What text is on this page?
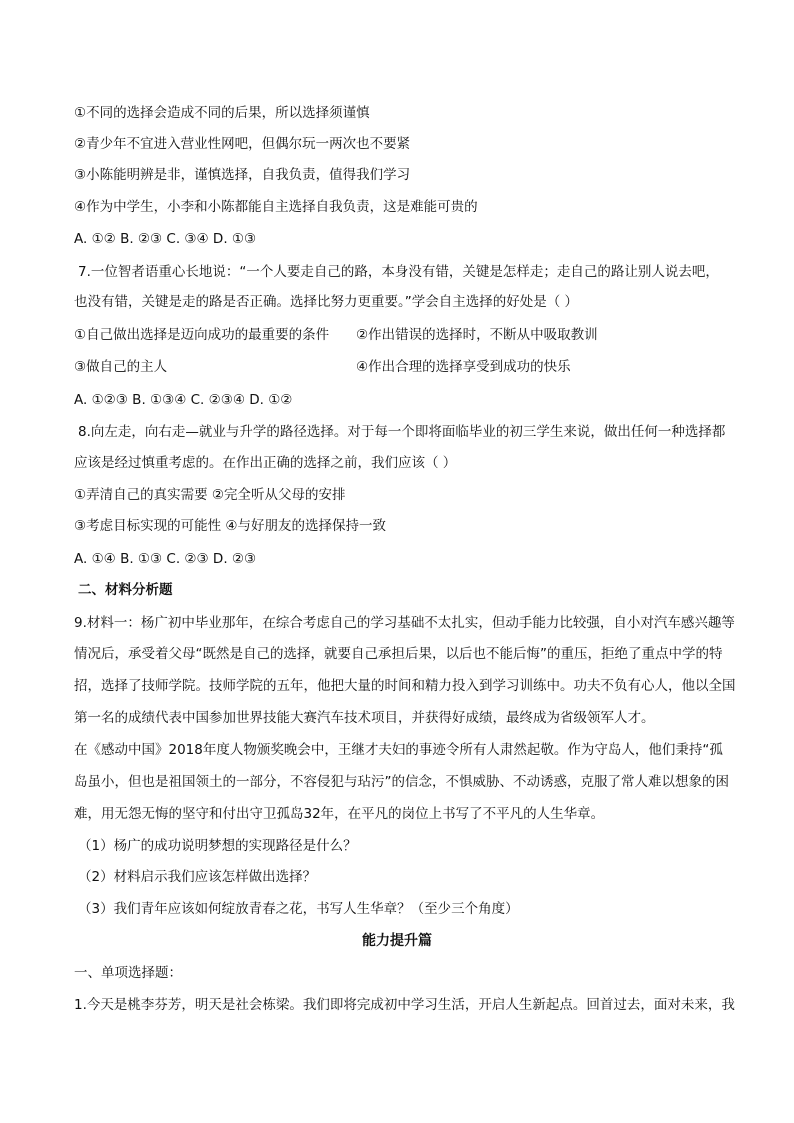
①不同的选择会造成不同的后果，所以选择须谨慎
②青少年不宜进入营业性网吧，但偶尔玩一两次也不要紧
③小陈能明辨是非，谨慎选择，自我负责，值得我们学习
④作为中学生，小李和小陈都能自主选择自我负责，这是难能可贵的
A. ①② B. ②③ C. ③④ D. ①③
7.一位智者语重心长地说：“一个人要走自己的路，本身没有错，关键是怎样走；走自己的路让别人说去吧，
也没有错，关键是走的路是否正确。选择比努力更重要。”学会自主选择的好处是（ ）
①自己做出选择是迈向成功的最重要的条件 ②作出错误的选择时，不断从中吸取教训
③做自己的主人	④作出合理的选择享受到成功的快乐
A. ①②③ B. ①③④ C. ②③④ D. ①②
8.向左走，向右走—就业与升学的路径选择。对于每一个即将面临毕业的初三学生来说，做出任何一种选择都
应该是经过慎重考虑的。在作出正确的选择之前，我们应该（ ）
①弄清自己的真实需要 ②完全听从父母的安排
③考虑目标实现的可能性 ④与好朋友的选择保持一致
A. ①④ B. ①③ C. ②③ D. ②③
二、材料分析题
9.材料一：杨广初中毕业那年，在综合考虑自己的学习基础不太扎实，但动手能力比较强，自小对汽车感兴趣等
情况后，承受着父母“既然是自己的选择，就要自己承担后果，以后也不能后悔”的重压，拒绝了重点中学的特
招，选择了技师学院。技师学院的五年，他把大量的时间和精力投入到学习训练中。功夫不负有心人，他以全国
第一名的成绩代表中国参加世界技能大赛汽车技术项目，并获得好成绩，最终成为省级领军人才。
在《感动中国》2018年度人物颁奖晚会中，王继才夫妇的事迹令所有人肃然起敬。作为守岛人，他们秉持“孤
岛虽小，但也是祖国领土的一部分，不容侵犯与玷污”的信念，不惧威胁、不动诱惑，克服了常人难以想象的困
难，用无怨无悔的坚守和付出守卫孤岛32年，在平凡的岗位上书写了不平凡的人生华章。
（1）杨广的成功说明梦想的实现路径是什么？
（2）材料启示我们应该怎样做出选择？
（3）我们青年应该如何绽放青春之花，书写人生华章？（至少三个角度）
能力提升篇
一、单项选择题：
1.今天是桃李芬芳，明天是社会栋梁。我们即将完成初中学习生活，开启人生新起点。回首过去，面对未来，我
